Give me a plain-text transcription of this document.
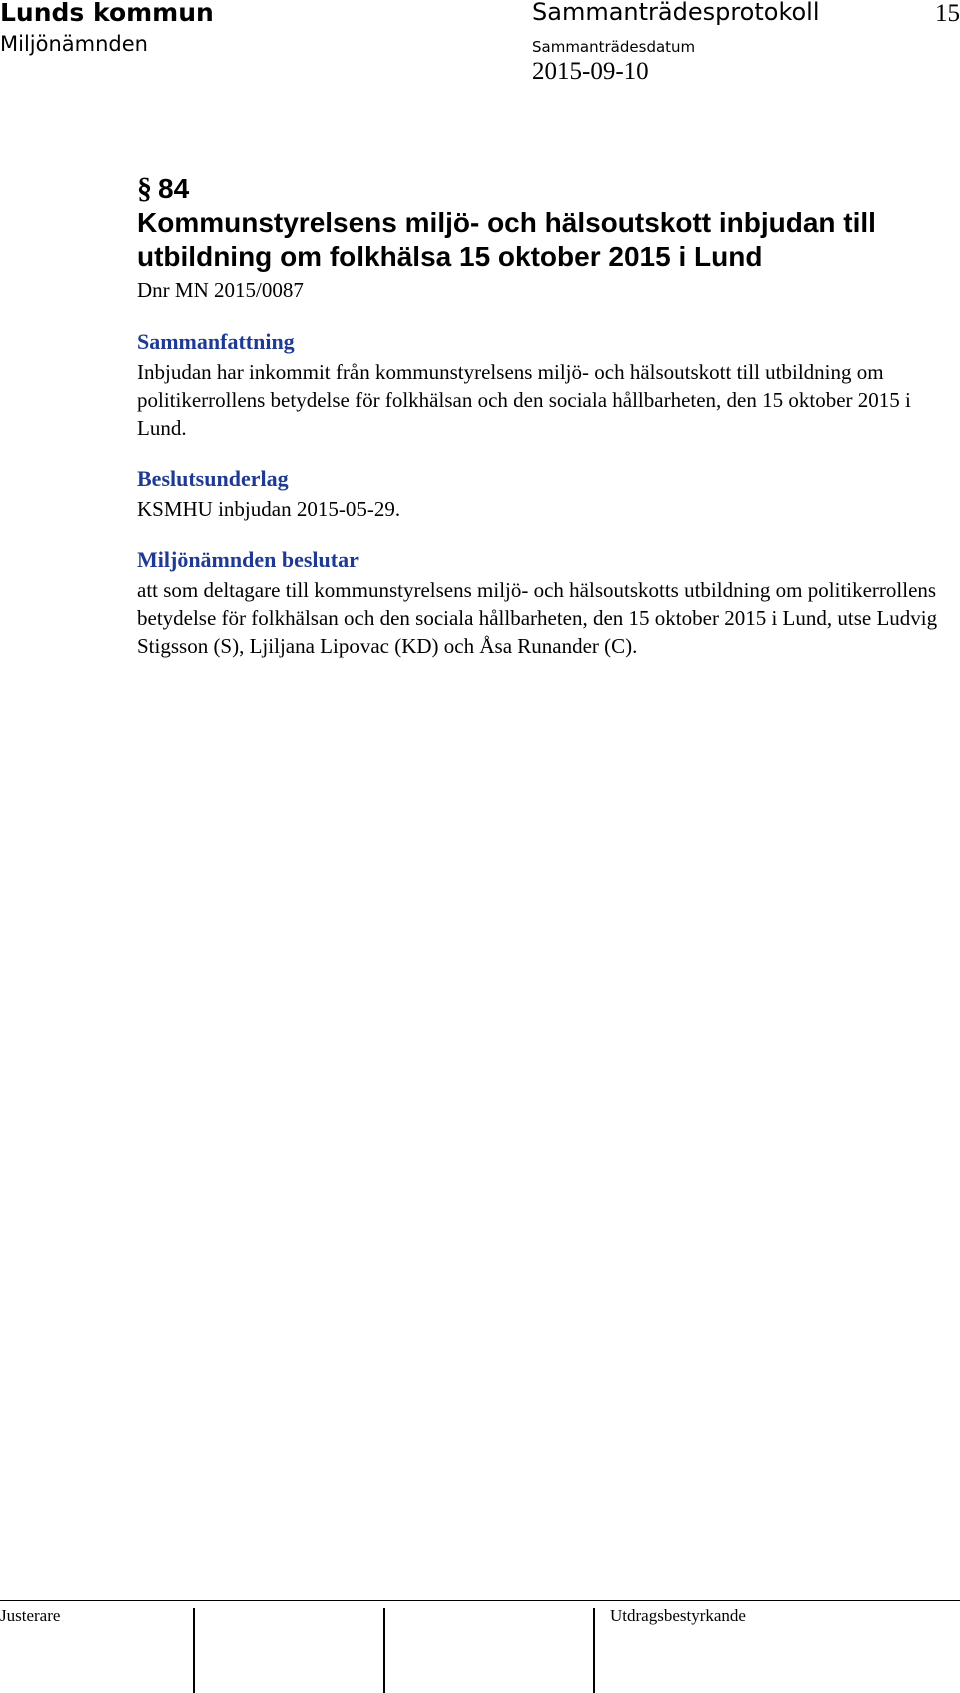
Lunds kommun
Miljönämnden
Sammanträdesprotokoll
Sammanträdesdatum
2015-09-10
15
§ 84

Kommunstyrelsens miljö- och hälsoutskott inbjudan till utbildning om folkhälsa 15 oktober 2015 i Lund

Dnr MN 2015/0087

Sammanfattning

Inbjudan har inkommit från kommunstyrelsens miljö- och hälsoutskott till utbildning om politikerrollens betydelse för folkhälsan och den sociala hållbarheten, den 15 oktober 2015 i Lund.

Beslutsunderlag

KSMHU inbjudan 2015-05-29.

Miljönämnden beslutar

att som deltagare till kommunstyrelsens miljö- och hälsoutskotts utbildning om politikerrollens betydelse för folkhälsan och den sociala hållbarheten, den 15 oktober 2015 i Lund, utse Ludvig Stigsson (S), Ljiljana Lipovac (KD) och Åsa Runander (C).

Justerare	Utdragsbestyrkande
